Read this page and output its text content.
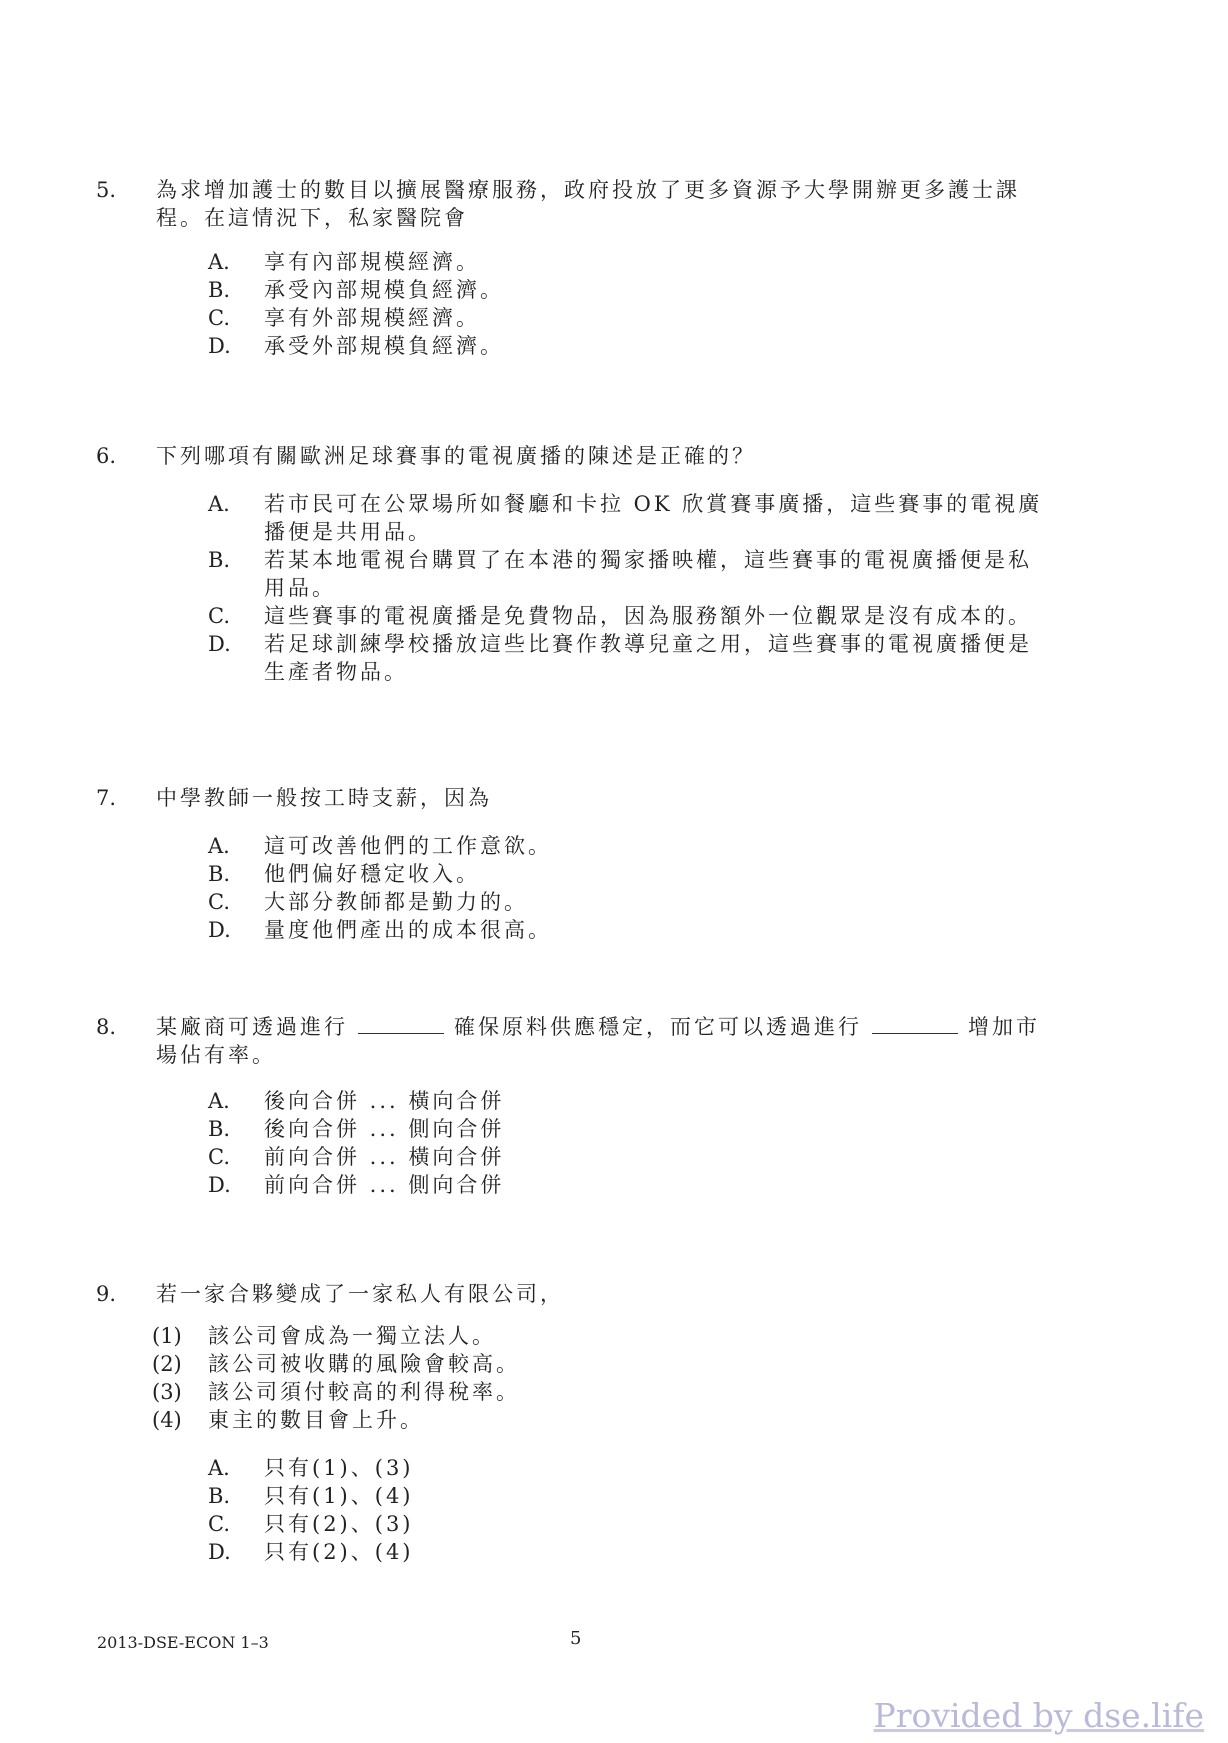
5.	為求增加護士的數目以擴展醫療服務，政府投放了更多資源予大學開辦更多護士課程。在這情況下，私家醫院會
A.	享有內部規模經濟。
B.	承受內部規模負經濟。
C.	享有外部規模經濟。
D.	承受外部規模負經濟。
6.	下列哪項有關歐洲足球賽事的電視廣播的陳述是正確的？
A.	若市民可在公眾場所如餐廳和卡拉 OK 欣賞賽事廣播，這些賽事的電視廣播便是共用品。
B.	若某本地電視台購買了在本港的獨家播映權，這些賽事的電視廣播便是私用品。
C.	這些賽事的電視廣播是免費物品，因為服務額外一位觀眾是沒有成本的。
D.	若足球訓練學校播放這些比賽作教導兒童之用，這些賽事的電視廣播便是生產者物品。
7.	中學教師一般按工時支薪，因為
A.	這可改善他們的工作意欲。
B.	他們偏好穩定收入。
C.	大部分教師都是勤力的。
D.	量度他們產出的成本很高。
8.	某廠商可透過進行	確保原料供應穩定，而它可以透過進行	增加市場佔有率。
A.	後向合併 ... 橫向合併
B.	後向合併 ... 側向合併
C.	前向合併 ... 橫向合併
D.	前向合併 ... 側向合併
9.	若一家合夥變成了一家私人有限公司，
(1)	該公司會成為一獨立法人。
(2)	該公司被收購的風險會較高。
(3)	該公司須付較高的利得稅率。
(4)	東主的數目會上升。
A.	只有(1)、(3)
B.	只有(1)、(4)
C.	只有(2)、(3)
D.	只有(2)、(4)
2013-DSE-ECON 1–3	5
Provided by dse.life
